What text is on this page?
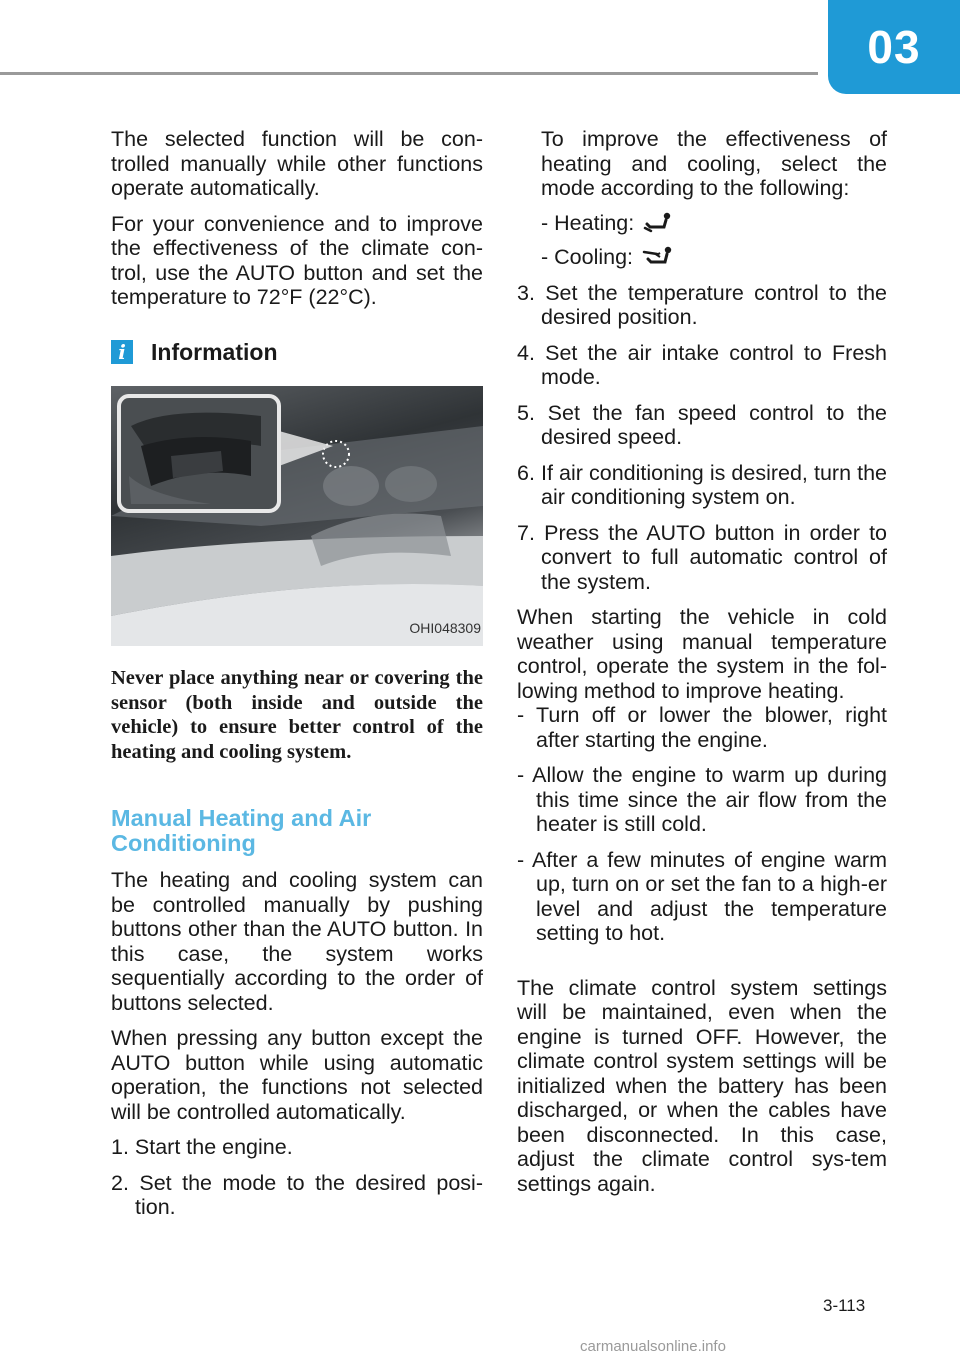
03

The selected function will be con-trolled manually while other functions operate automatically.

For your convenience and to improve the effectiveness of the climate con-trol, use the AUTO button and set the temperature to 72°F (22°C).

i	Information
OHI048309
Never place anything near or covering the sensor (both inside and outside the vehicle) to ensure better control of the heating and cooling system.
Manual Heating and Air Conditioning

The heating and cooling system can be controlled manually by pushing buttons other than the AUTO button. In this case, the system works sequentially according to the order of buttons selected.

When pressing any button except the AUTO button while using automatic operation, the functions not selected will be controlled automatically.

1. Start the engine.

2. Set the mode to the desired posi-tion.

To improve the effectiveness of heating and cooling, select the mode according to the following:

- Heating:
- Cooling:

3. Set the temperature control to the desired position.

4. Set the air intake control to Fresh mode.

5. Set the fan speed control to the desired speed.

6. If air conditioning is desired, turn the air conditioning system on.

7. Press the AUTO button in order to convert to full automatic control of the system.

When starting the vehicle in cold weather using manual temperature control, operate the system in the fol-lowing method to improve heating.

- Turn off or lower the blower, right after starting the engine.

- Allow the engine to warm up during this time since the air flow from the heater is still cold.

- After a few minutes of engine warm up, turn on or set the fan to a high-er level and adjust the temperature setting to hot.

The climate control system settings will be maintained, even when the engine is turned OFF. However, the climate control system settings will be initialized when the battery has been discharged, or when the cables have been disconnected. In this case, adjust the climate control sys-tem settings again.

3-113
carmanualsonline.info
